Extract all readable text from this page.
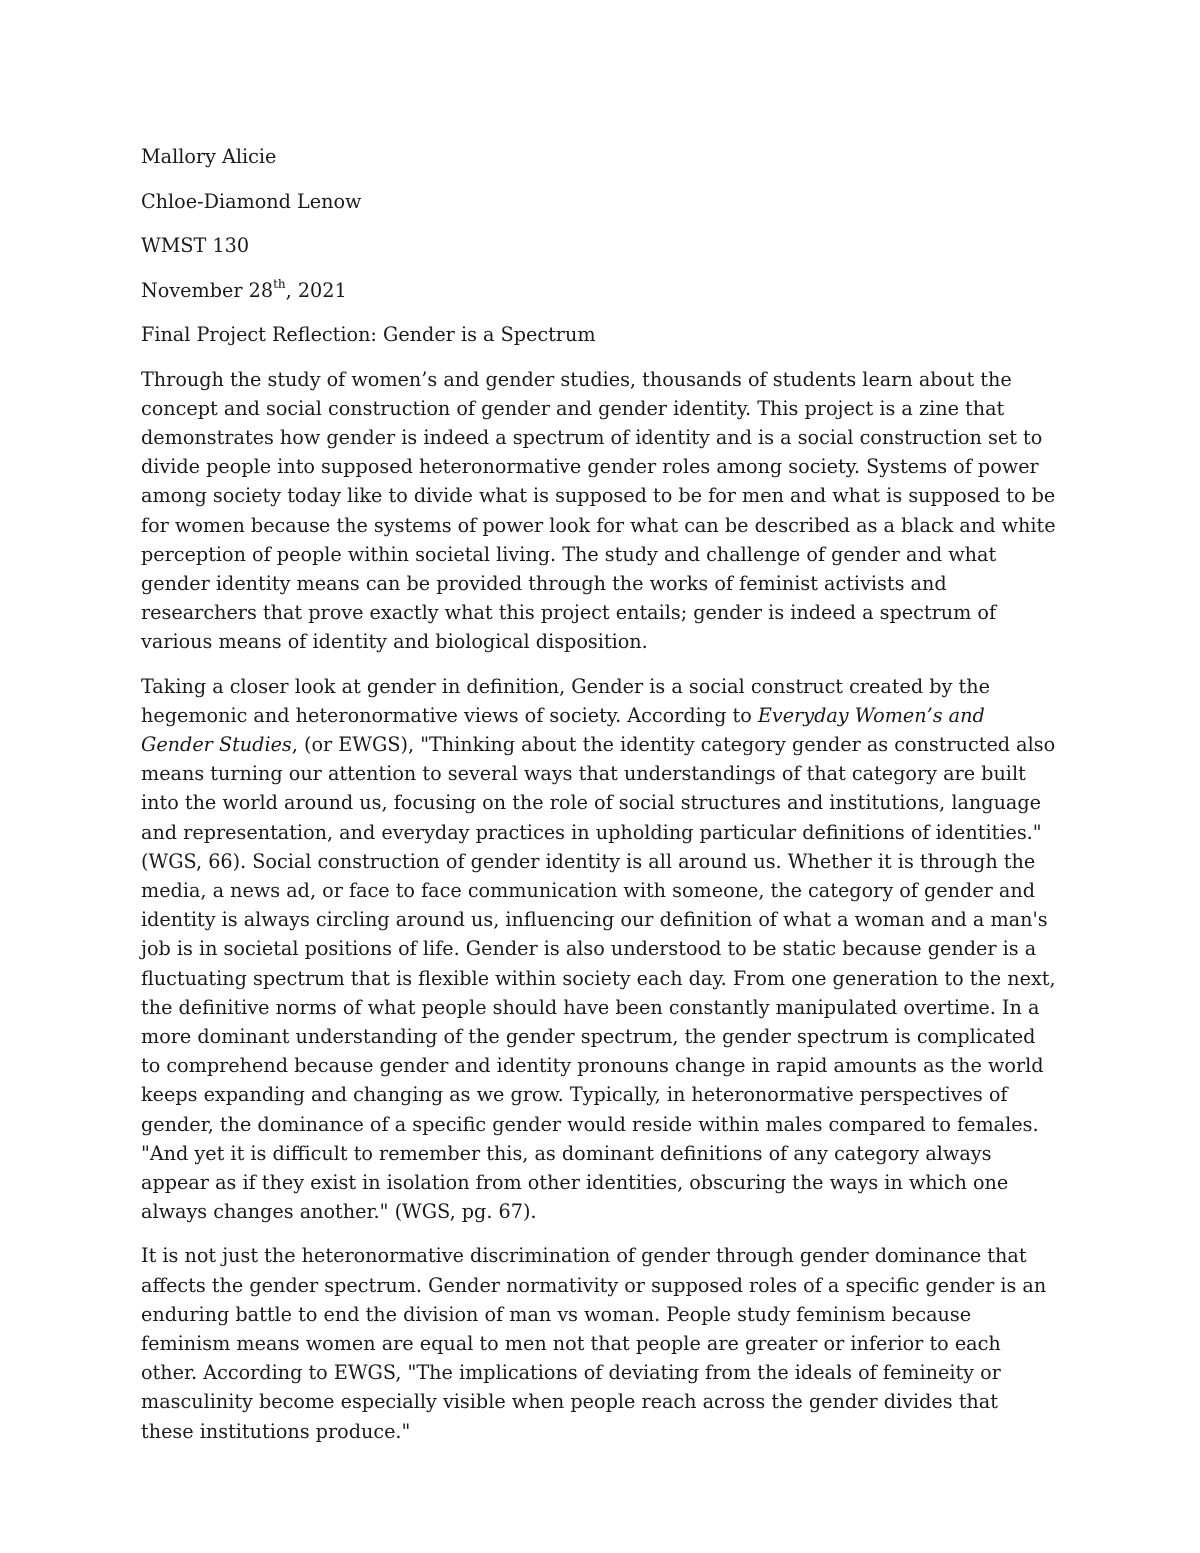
Mallory Alicie
Chloe-Diamond Lenow
WMST 130
November 28th, 2021
Final Project Reflection: Gender is a Spectrum

Through the study of women’s and gender studies, thousands of students learn about the concept and social construction of gender and gender identity. This project is a zine that demonstrates how gender is indeed a spectrum of identity and is a social construction set to divide people into supposed heteronormative gender roles among society. Systems of power among society today like to divide what is supposed to be for men and what is supposed to be for women because the systems of power look for what can be described as a black and white perception of people within societal living. The study and challenge of gender and what gender identity means can be provided through the works of feminist activists and researchers that prove exactly what this project entails; gender is indeed a spectrum of various means of identity and biological disposition.

Taking a closer look at gender in definition, Gender is a social construct created by the hegemonic and heteronormative views of society. According to Everyday Women’s and Gender Studies, (or EWGS), "Thinking about the identity category gender as constructed also means turning our attention to several ways that understandings of that category are built into the world around us, focusing on the role of social structures and institutions, language and representation, and everyday practices in upholding particular definitions of identities." (WGS, 66). Social construction of gender identity is all around us. Whether it is through the media, a news ad, or face to face communication with someone, the category of gender and identity is always circling around us, influencing our definition of what a woman and a man's job is in societal positions of life. Gender is also understood to be static because gender is a fluctuating spectrum that is flexible within society each day. From one generation to the next, the definitive norms of what people should have been constantly manipulated overtime. In a more dominant understanding of the gender spectrum, the gender spectrum is complicated to comprehend because gender and identity pronouns change in rapid amounts as the world keeps expanding and changing as we grow. Typically, in heteronormative perspectives of gender, the dominance of a specific gender would reside within males compared to females. "And yet it is difficult to remember this, as dominant definitions of any category always appear as if they exist in isolation from other identities, obscuring the ways in which one always changes another." (WGS, pg. 67).

It is not just the heteronormative discrimination of gender through gender dominance that affects the gender spectrum. Gender normativity or supposed roles of a specific gender is an enduring battle to end the division of man vs woman. People study feminism because feminism means women are equal to men not that people are greater or inferior to each other. According to EWGS, "The implications of deviating from the ideals of femineity or masculinity become especially visible when people reach across the gender divides that these institutions produce."
